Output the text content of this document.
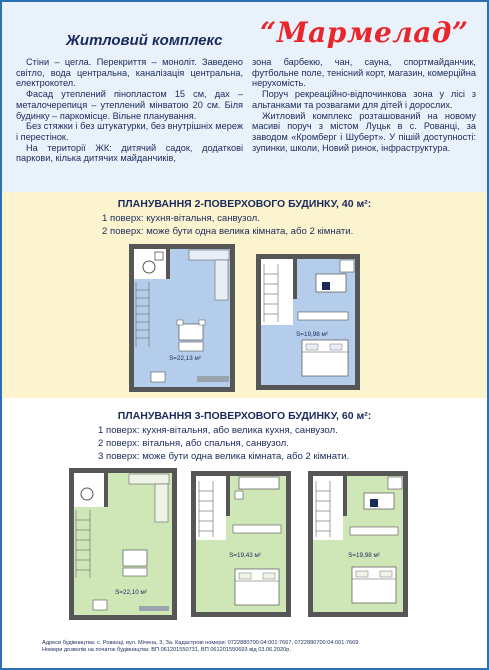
Житловий комплекс “Мармелад”

Стіни – цегла. Перекриття – моноліт. Заведено світло, вода центральна, каналізація центральна, електрокотел.

Фасад утеплений пінопластом 15 см, дах – металочерепиця – утеплений мінватою 20 см. Біля будинку – паркомісце. Вільне планування.

Без стяжки і без штукатурки, без внутрішніх мереж і перестінок.

На території ЖК: дитячий садок, додаткові паркови, кілька дитячих майданчиків,

зона барбекю, чан, сауна, спортмайданчик, футбольне поле, тенісний корт, магазин, комерційна нерухомість.

Поруч рекреаційно-відпочинкова зона у лісі з альтанками та розвагами для дітей і дорослих.

Житловий комплекс розташований на новому масиві поруч з містом Луцьк в с. Рованці, за заводом «Кромберг і Шуберт». У пішій доступності: зупинки, школи, Новий ринок, інфраструктура.

ПЛАНУВАННЯ 2-ПОВЕРХОВОГО БУДИНКУ, 40 м²:
1 поверх: кухня-вітальня, санвузол.
2 поверх: може бути одна велика кімната, або 2 кімнати.
S=22,13 м²
S=19,98 м²
ПЛАНУВАННЯ 3-ПОВЕРХОВОГО БУДИНКУ, 60 м²:
1 поверх: кухня-вітальня, або велика кухня, санвузол.
2 поверх: вітальня, або спальня, санвузол.
3 поверх: може бути одна велика кімната, або 2 кімнати.
S=22,10 м²
S=19,43 м²	S=19,98 м²
Адреси будівництва: с. Рованці, вул. Мічена, 3, За. Кадастрові номери: 0722880700:04:001:7667, 0722880700:04:001:7669.
Номери дозволів на початок будівництва: ВП 061201550731, ВП 061201550693 від 03.06.2020р.
